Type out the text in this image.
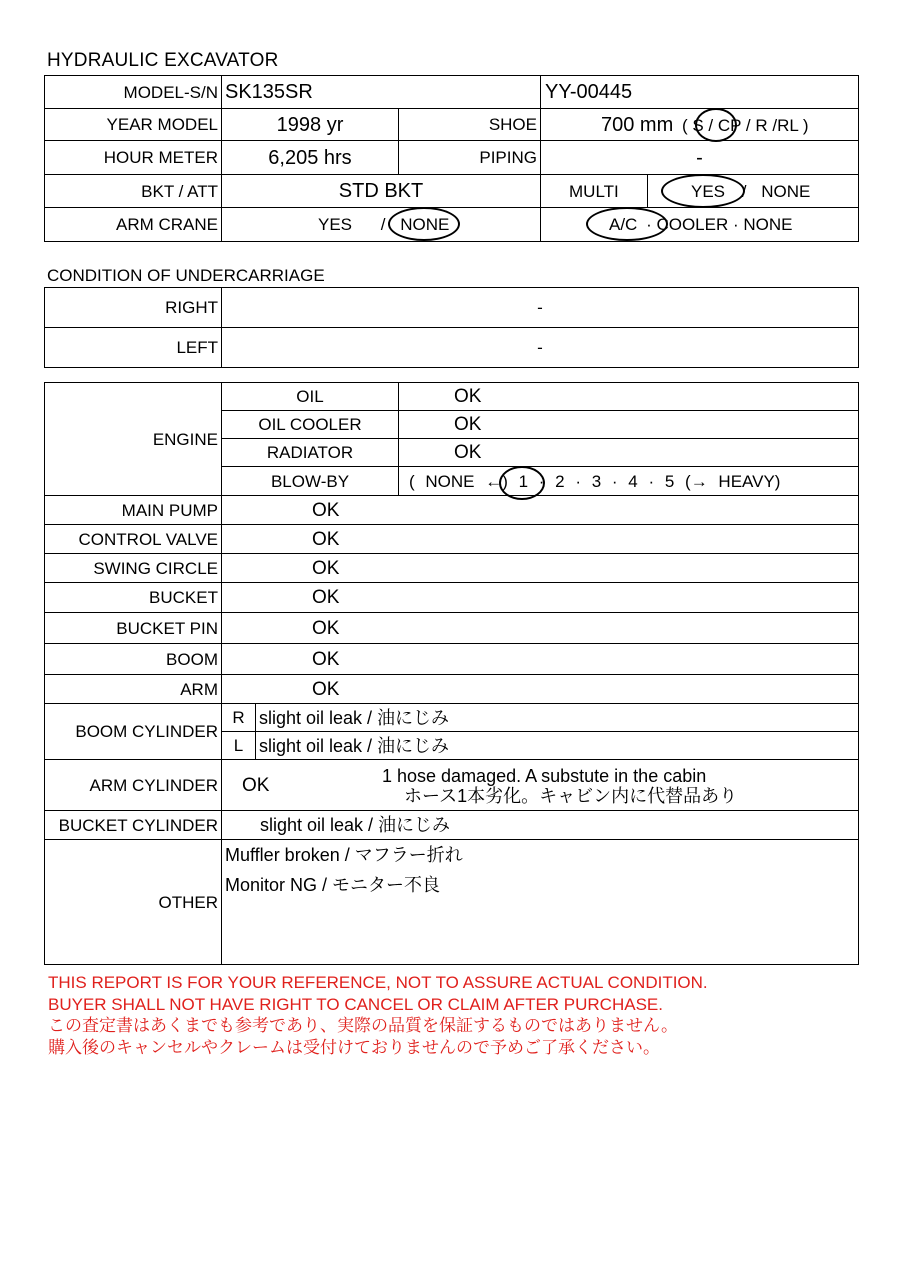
HYDRAULIC EXCAVATOR
MODEL-S/N	SK135SR		YY-00445	
YEAR MODEL	1998 yr	SHOE	700 mm ( S / CP / R /RL )	
HOUR METER	6,205 hrs	PIPING	-	
BKT / ATT	STD BKT		MULTI	YES / NONE
ARM CRANE	YES / NONE		A/C · COOLER · NONE	
CONDITION OF UNDERCARRIAGE
RIGHT	-
LEFT	-
ENGINE	OIL		OK
	OIL COOLER		OK
	RADIATOR		OK
	BLOW-BY		( NONE ←) 1 · 2 · 3 · 4 · 5 (→ HEAVY)
MAIN PUMP	OK		
CONTROL VALVE	OK		
SWING CIRCLE	OK		
BUCKET	OK		
BUCKET PIN	OK		
BOOM	OK		
ARM	OK		
BOOM CYLINDER	R	slight oil leak / 油にじみ	
	L	slight oil leak / 油にじみ	
ARM CYLINDER	OK 1 hose damaged. A substute in the cabin
ホース1本劣化。キャビン内に代替品あり		

BUCKET CYLINDER	slight oil leak / 油にじみ		
OTHER	Muffler broken / マフラー折れ
Monitor NG / モニター不良		
THIS REPORT IS FOR YOUR REFERENCE, NOT TO ASSURE ACTUAL CONDITION.
BUYER SHALL NOT HAVE RIGHT TO CANCEL OR CLAIM AFTER PURCHASE.
この査定書はあくまでも参考であり、実際の品質を保証するものではありません。
購入後のキャンセルやクレームは受付けておりませんので予めご了承ください。
